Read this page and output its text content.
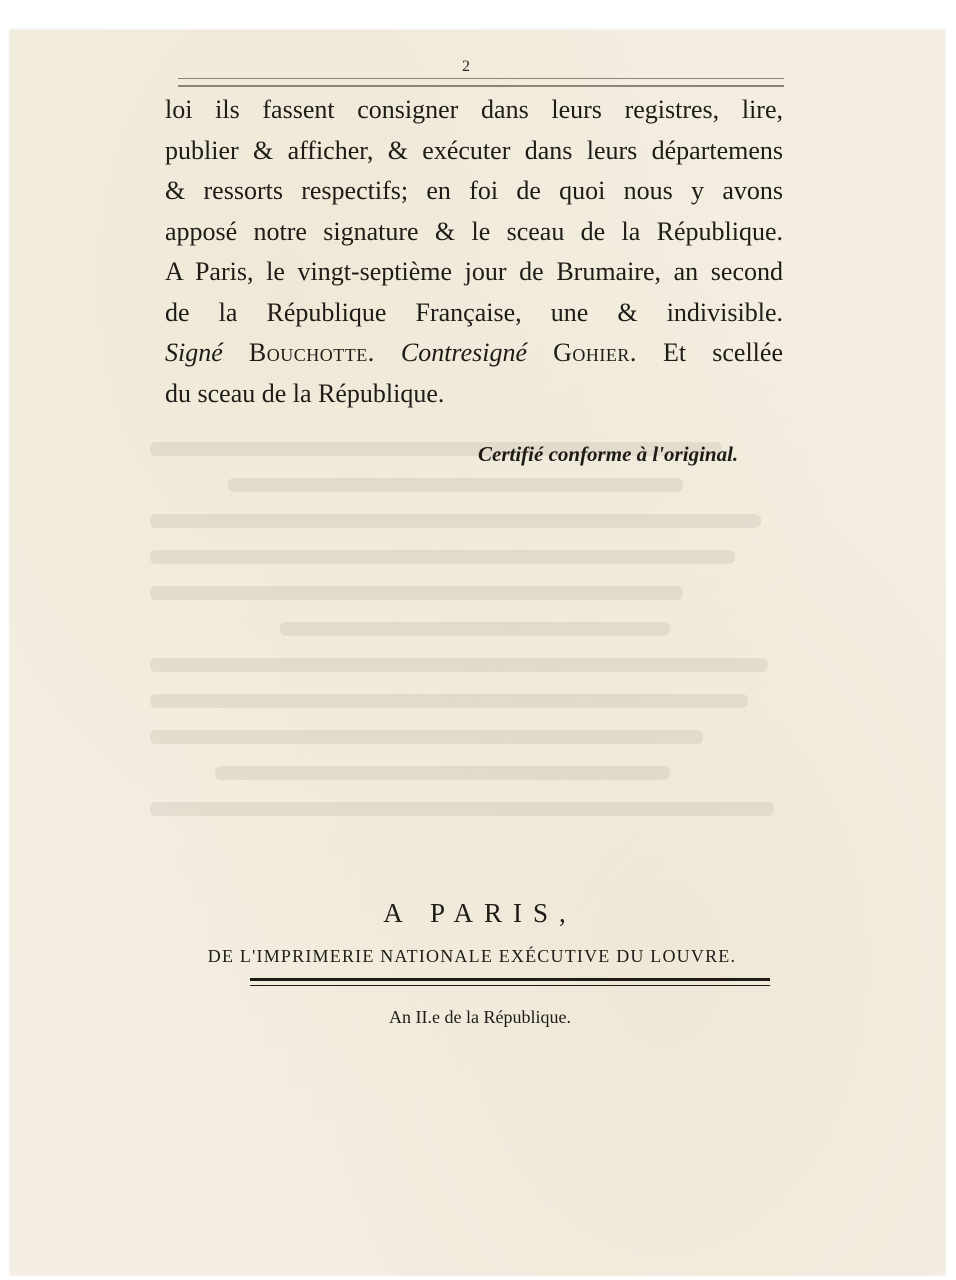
2
loi ils fassent consigner dans leurs registres, lire,
publier & afficher, & exécuter dans leurs départemens
& ressorts respectifs; en foi de quoi nous y avons
apposé notre signature & le sceau de la République.
A Paris, le vingt-septième jour de Brumaire, an second
de la République Française, une & indivisible.
Signé Bouchotte. Contresigné Gohier. Et scellée
du sceau de la République.
Certifié conforme à l'original.
A PARIS,
DE L'IMPRIMERIE NATIONALE EXÉCUTIVE DU LOUVRE.
An II.e de la République.
